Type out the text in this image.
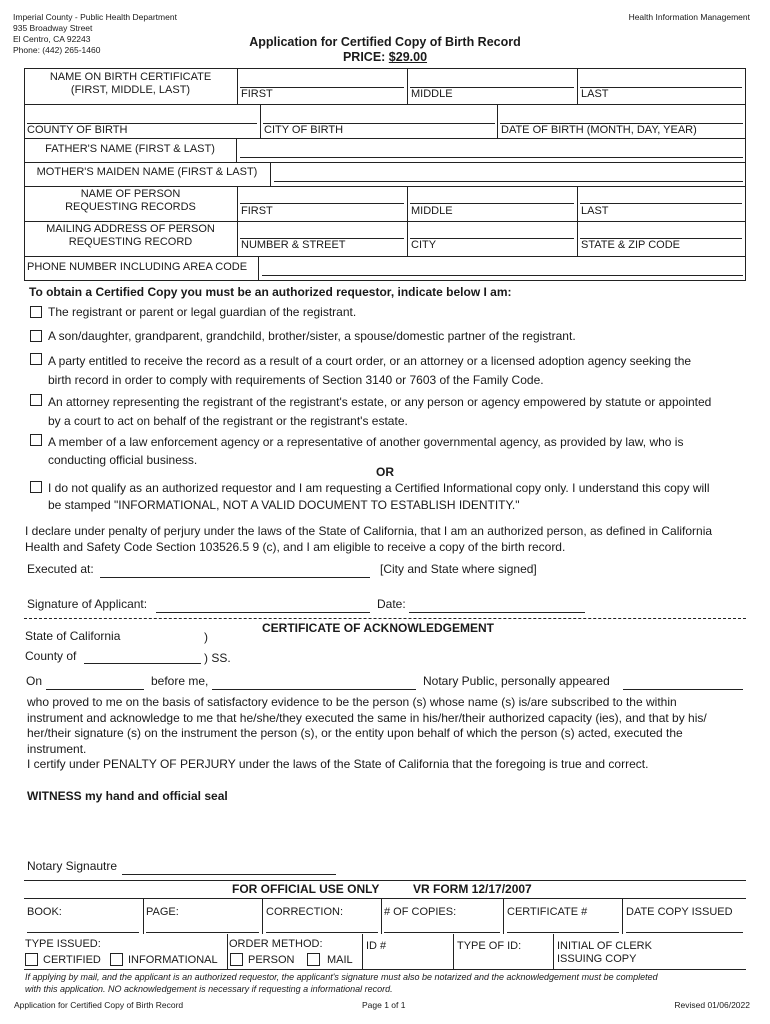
Imperial County - Public Health Department
935 Broadway Street
El Centro, CA 92243
Phone: (442) 265-1460
Health Information Management
Application for Certified Copy of Birth Record
PRICE: $29.00
NAME ON BIRTH CERTIFICATE
(FIRST, MIDDLE, LAST)	FIRST	MIDDLE	LAST
COUNTY OF BIRTH	CITY OF BIRTH	DATE OF BIRTH (MONTH, DAY, YEAR)
FATHER'S NAME (FIRST & LAST)
MOTHER'S MAIDEN NAME (FIRST & LAST)
NAME OF PERSON
REQUESTING RECORDS	FIRST	MIDDLE	LAST
MAILING ADDRESS OF PERSON
REQUESTING RECORD	NUMBER & STREET	CITY	STATE & ZIP CODE
PHONE NUMBER INCLUDING AREA CODE
To obtain a Certified Copy you must be an authorized requestor, indicate below I am:
The registrant or parent or legal guardian of the registrant.
A son/daughter, grandparent, grandchild, brother/sister, a spouse/domestic partner of the registrant.
A party entitled to receive the record as a result of a court order, or an attorney or a licensed adoption agency seeking the
birth record in order to comply with requirements of Section 3140 or 7603 of the Family Code.
An attorney representing the registrant of the registrant's estate, or any person or agency empowered by statute or appointed
by a court to act on behalf of the registrant or the registrant's estate.
A member of a law enforcement agency or a representative of another governmental agency, as provided by law, who is
conducting official business.
OR
I do not qualify as an authorized requestor and I am requesting a Certified Informational copy only. I understand this copy will
be stamped "INFORMATIONAL, NOT A VALID DOCUMENT TO ESTABLISH IDENTITY."
I declare under penalty of perjury under the laws of the State of California, that I am an authorized person, as defined in California
Health and Safety Code Section 103526.5 9 (c), and I am eligible to receive a copy of the birth record.
Executed at:	[City and State where signed]
Signature of Applicant:	Date:
CERTIFICATE OF ACKNOWLEDGEMENT
State of California	)
County of	) SS.
On	before me,	Notary Public, personally appeared
who proved to me on the basis of satisfactory evidence to be the person (s) whose name (s) is/are subscribed to the within
instrument and acknowledge to me that he/she/they executed the same in his/her/their authorized capacity (ies), and that by his/
her/their signature (s) on the instrument the person (s), or the entity upon behalf of which the person (s) acted, executed the
instrument.
I certify under PENALTY OF PERJURY under the laws of the State of California that the foregoing is true and correct.
WITNESS my hand and official seal
Notary Signautre
FOR OFFICIAL USE ONLY	VR FORM 12/17/2007
BOOK:	PAGE:	CORRECTION:	# OF COPIES:	CERTIFICATE #	DATE COPY ISSUED
TYPE ISSUED:
CERTIFIED INFORMATIONAL
ORDER METHOD:
PERSON	MAIL
ID #	TYPE OF ID:	INITIAL OF CLERK
ISSUING COPY
If applying by mail, and the applicant is an authorized requestor, the applicant's signature must also be notarized and the acknowledgement must be completed
with this application. NO acknowledgement is necessary if requesting a informational record.
Application for Certified Copy of Birth Record	Page 1 of 1	Revised 01/06/2022
